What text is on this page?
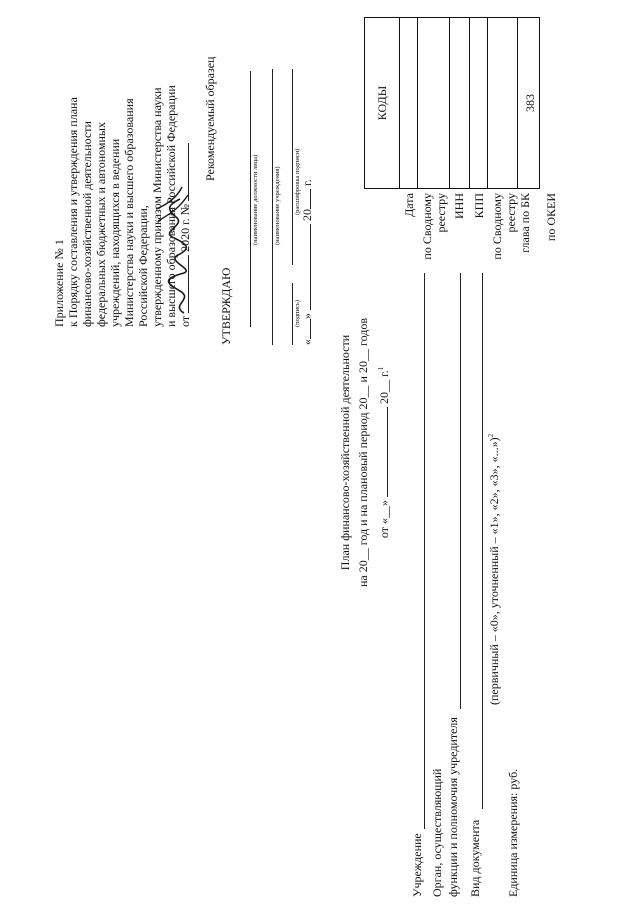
Приложение № 1 к Порядку составления и утверждения плана финансово-хозяйственной деятельности федеральных бюджетных и автономных учреждений, находящихся в ведении Министерства науки и высшего образования Российской Федерации, утвержденному приказом Министерства науки и высшего образования Российской Федерации от  2020 г. №
Рекомендуемый образец
УТВЕРЖДАЮ
(наименование должности лица) (наименование учреждения)
(подпись)
(расшифровка подписи)
«»  20 г.
План финансово-хозяйственной деятельности на 20__ год и на плановый период 20__ и 20__ годов от «__»  20__ г.$^1$
Учреждение Орган, осуществляющий функции и полномочия учредителя Вид документа
(первичный – «0», уточненный – «1», «2», «3», «...»)$^2$
Единица измерения: руб.
Дата по Сводному реестру ИНН КПП по Сводному реестру глава по БК по ОКЕИ
КОДЫ	383
